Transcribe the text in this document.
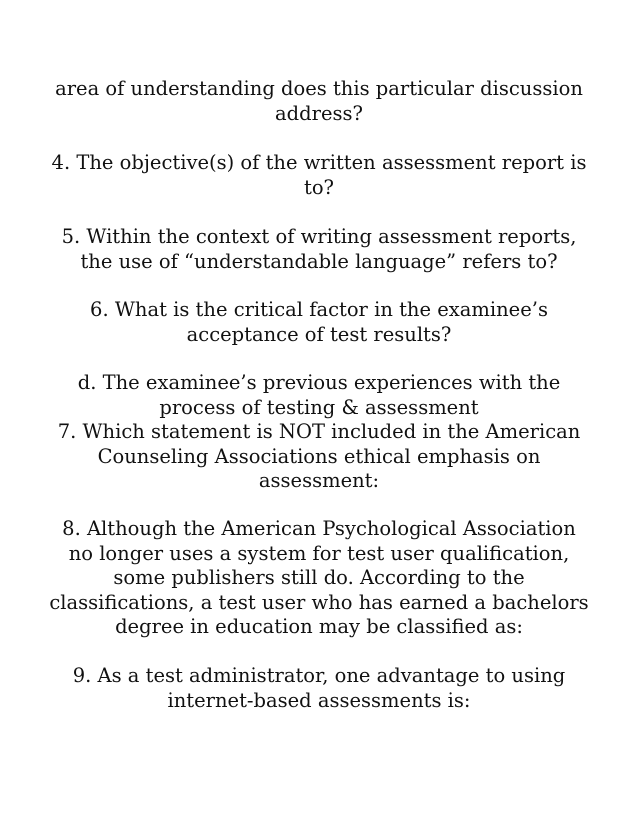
area of understanding does this particular discussion
address?
4. The objective(s) of the written assessment report is
to?
5. Within the context of writing assessment reports,
the use of “understandable language” refers to?
6. What is the critical factor in the examinee’s
acceptance of test results?
d. The examinee’s previous experiences with the
process of testing & assessment
7. Which statement is NOT included in the American
Counseling Associations ethical emphasis on
assessment:
8. Although the American Psychological Association
no longer uses a system for test user qualification,
some publishers still do. According to the
classifications, a test user who has earned a bachelors
degree in education may be classified as:
9. As a test administrator, one advantage to using
internet-based assessments is:
